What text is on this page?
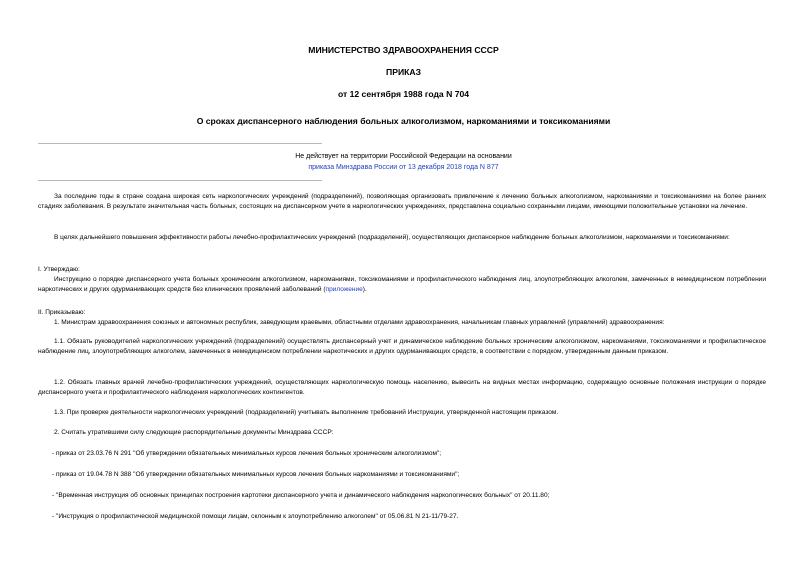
МИНИСТЕРСТВО ЗДРАВООХРАНЕНИЯ СССР
ПРИКАЗ
от 12 сентября 1988 года N 704
О сроках диспансерного наблюдения больных алкоголизмом, наркоманиями и токсикоманиями
Не действует на территории Российской Федерации на основании
приказа Минздрава России от 13 декабря 2018 года N 877

За последние годы в стране создана широкая сеть наркологических учреждений (подразделений), позволяющая организовать привлечение к лечению больных алкоголизмом, наркоманиями и токсикоманиями на более ранних стадиях заболевания. В результате значительная часть больных, состоящих на диспансерном учете в наркологических учреждениях, представлена социально сохранными лицами, имеющими положительные установки на лечение.

В целях дальнейшего повышения эффективности работы лечебно-профилактических учреждений (подразделений), осуществляющих диспансерное наблюдение больных алкоголизмом, наркоманиями и токсикоманиями:

I. Утверждаю:

Инструкцию о порядке диспансерного учета больных хроническим алкоголизмом, наркоманиями, токсикоманиями и профилактического наблюдения лиц, злоупотребляющих алкоголем, замеченных в немедицинском потреблении наркотических и других одурманивающих средств без клинических проявлений заболеваний (приложение).

II. Приказываю:

1. Министрам здравоохранения союзных и автономных республик, заведующим краевыми, областными отделами здравоохранения, начальникам главных управлений (управлений) здравоохранения:

1.1. Обязать руководителей наркологических учреждений (подразделений) осуществлять диспансерный учет и динамическое наблюдение больных хроническим алкоголизмом, наркоманиями, токсикоманиями и профилактическое наблюдение лиц, злоупотребляющих алкоголем, замеченных в немедицинском потреблении наркотических и других одурманивающих средств, в соответствии с порядком, утвержденным данным приказом.

1.2. Обязать главных врачей лечебно-профилактических учреждений, осуществляющих наркологическую помощь населению, вывесить на видных местах информацию, содержащую основные положения инструкции о порядке диспансерного учета и профилактического наблюдения наркологических контингентов.

1.3. При проверке деятельности наркологических учреждений (подразделений) учитывать выполнение требований Инструкции, утвержденной настоящим приказом.

2. Считать утратившими силу следующие распорядительные документы Минздрава СССР:

- приказ от 23.03.76 N 291 "Об утверждении обязательных минимальных курсов лечения больных хроническим алкоголизмом";

- приказ от 19.04.78 N 388 "Об утверждении обязательных минимальных курсов лечения больных наркоманиями и токсикоманиями";

- "Временная инструкция об основных принципах построения картотеки диспансерного учета и динамического наблюдения наркологических больных" от 20.11.80;

- "Инструкция о профилактической медицинской помощи лицам, склонным к злоупотреблению алкоголем" от 05.06.81 N 21-11/79-27.
